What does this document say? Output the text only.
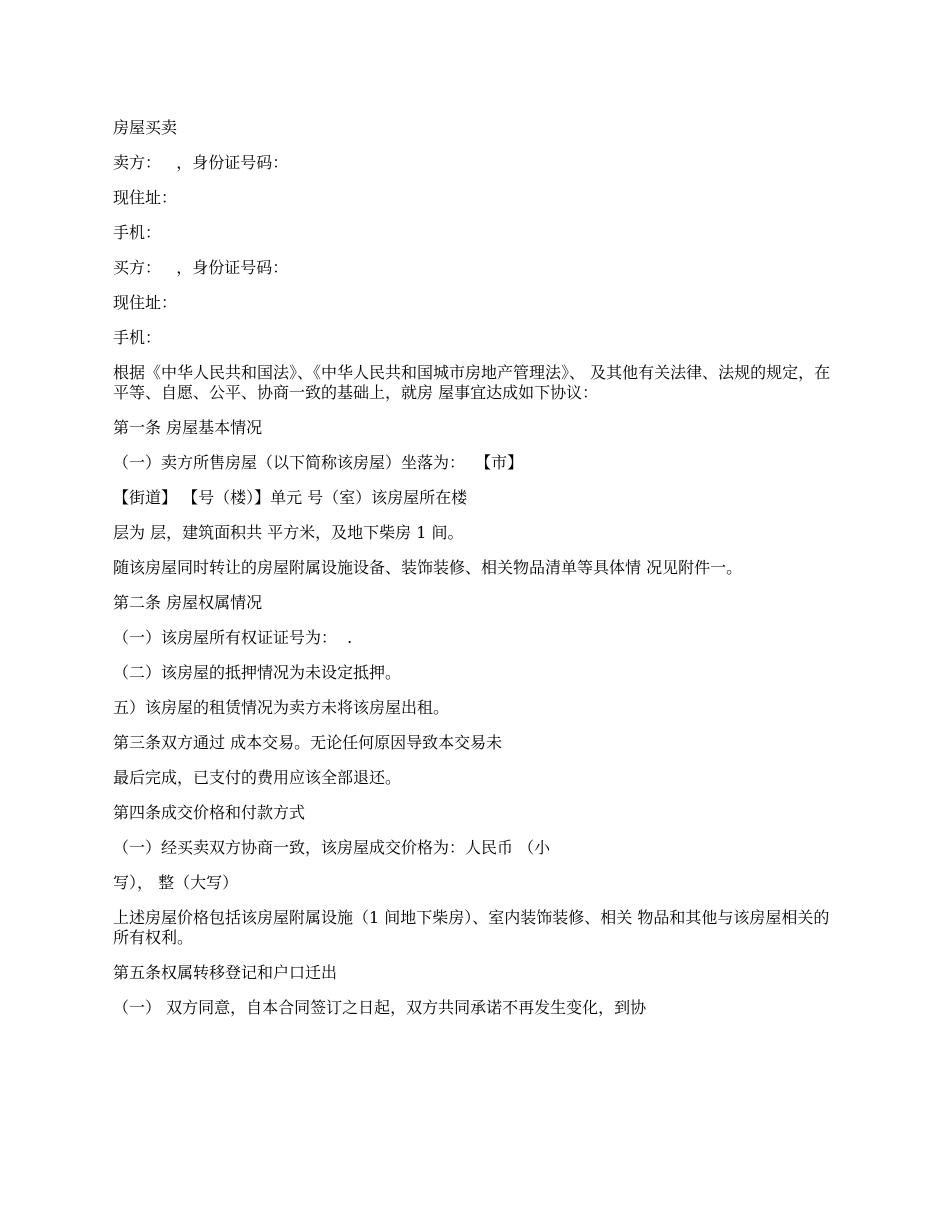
房屋买卖

卖方：   ，身份证号码：

现住址：

手机：

买方：   ，身份证号码：

现住址：

手机：

根据《中华人民共和国法》、《中华人民共和国城市房地产管理法》、 及其他有关法律、法规的规定，在平等、自愿、公平、协商一致的基础上，就房 屋事宜达成如下协议：

第一条 房屋基本情况

（一）卖方所售房屋（以下简称该房屋）坐落为：  【市】

【街道】 【号（楼）】单元 号（室）该房屋所在楼

层为 层，建筑面积共 平方米，及地下柴房 1 间。

随该房屋同时转让的房屋附属设施设备、装饰装修、相关物品清单等具体情 况见附件一。

第二条 房屋权属情况

（一）该房屋所有权证证号为：  .

（二）该房屋的抵押情况为未设定抵押。

五）该房屋的租赁情况为卖方未将该房屋出租。

第三条双方通过 成本交易。无论任何原因导致本交易未

最后完成，已支付的费用应该全部退还。

第四条成交价格和付款方式

（一）经买卖双方协商一致，该房屋成交价格为：人民币 （小

写）， 整（大写）

上述房屋价格包括该房屋附属设施（1 间地下柴房）、室内装饰装修、相关 物品和其他与该房屋相关的所有权利。

第五条权属转移登记和户口迁出

（一） 双方同意，自本合同签订之日起，双方共同承诺不再发生变化，到协
